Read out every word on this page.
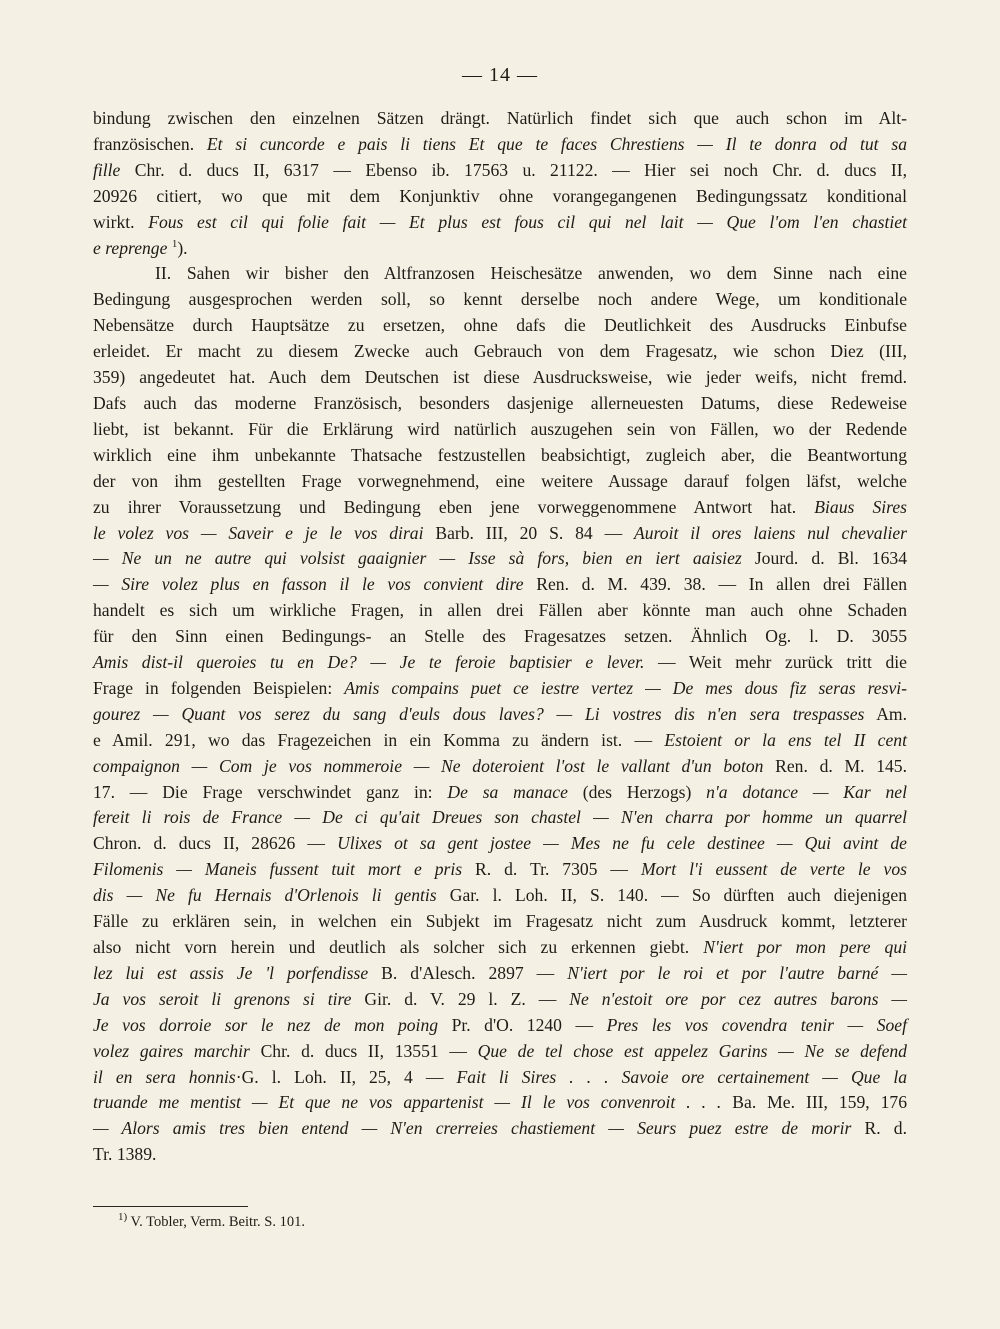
— 14 —
bindung zwischen den einzelnen Sätzen drängt. Natürlich findet sich que auch schon im Alt-
französischen. Et si cuncorde e pais li tiens Et que te faces Chrestiens — Il te donra od tut sa
fille Chr. d. ducs II, 6317 — Ebenso ib. 17563 u. 21122. — Hier sei noch Chr. d. ducs II,
20926 citiert, wo que mit dem Konjunktiv ohne vorangegangenen Bedingungssatz konditional
wirkt. Fous est cil qui folie fait — Et plus est fous cil qui nel lait — Que l'om l'en chastiet
e reprenge $^1$).
II. Sahen wir bisher den Altfranzosen Heischesätze anwenden, wo dem Sinne nach eine
Bedingung ausgesprochen werden soll, so kennt derselbe noch andere Wege, um konditionale
Nebensätze durch Hauptsätze zu ersetzen, ohne dafs die Deutlichkeit des Ausdrucks Einbufse
erleidet. Er macht zu diesem Zwecke auch Gebrauch von dem Fragesatz, wie schon Diez (III,
359) angedeutet hat. Auch dem Deutschen ist diese Ausdrucksweise, wie jeder weifs, nicht fremd.
Dafs auch das moderne Französisch, besonders dasjenige allerneuesten Datums, diese Redeweise
liebt, ist bekannt. Für die Erklärung wird natürlich auszugehen sein von Fällen, wo der Redende
wirklich eine ihm unbekannte Thatsache festzustellen beabsichtigt, zugleich aber, die Beantwortung
der von ihm gestellten Frage vorwegnehmend, eine weitere Aussage darauf folgen läfst, welche
zu ihrer Voraussetzung und Bedingung eben jene vorweggenommene Antwort hat. Biaus Sires
le volez vos — Saveir e je le vos dirai Barb. III, 20 S. 84 — Auroit il ores laiens nul chevalier
— Ne un ne autre qui volsist gaaignier — Isse sà fors, bien en iert aaisiez Jourd. d. Bl. 1634
— Sire volez plus en fasson il le vos convient dire Ren. d. M. 439. 38. — In allen drei Fällen
handelt es sich um wirkliche Fragen, in allen drei Fällen aber könnte man auch ohne Schaden
für den Sinn einen Bedingungs- an Stelle des Fragesatzes setzen. Ähnlich Og. l. D. 3055
Amis dist-il queroies tu en De? — Je te feroie baptisier e lever. — Weit mehr zurück tritt die
Frage in folgenden Beispielen: Amis compains puet ce iestre vertez — De mes dous fiz seras resvi-
gourez — Quant vos serez du sang d'euls dous laves? — Li vostres dis n'en sera trespasses Am.
e Amil. 291, wo das Fragezeichen in ein Komma zu ändern ist. — Estoient or la ens tel II cent
compaignon — Com je vos nommeroie — Ne doteroient l'ost le vallant d'un boton Ren. d. M. 145.
17. — Die Frage verschwindet ganz in: De sa manace (des Herzogs) n'a dotance — Kar nel
fereit li rois de France — De ci qu'ait Dreues son chastel — N'en charra por homme un quarrel
Chron. d. ducs II, 28626 — Ulixes ot sa gent jostee — Mes ne fu cele destinee — Qui avint de
Filomenis — Maneis fussent tuit mort e pris R. d. Tr. 7305 — Mort l'i eussent de verte le vos
dis — Ne fu Hernais d'Orlenois li gentis Gar. l. Loh. II, S. 140. — So dürften auch diejenigen
Fälle zu erklären sein, in welchen ein Subjekt im Fragesatz nicht zum Ausdruck kommt, letzterer
also nicht vorn herein und deutlich als solcher sich zu erkennen giebt. N'iert por mon pere qui
lez lui est assis Je 'l porfendisse B. d'Alesch. 2897 — N'iert por le roi et por l'autre barné —
Ja vos seroit li grenons si tire Gir. d. V. 29 l. Z. — Ne n'estoit ore por cez autres barons —
Je vos dorroie sor le nez de mon poing Pr. d'O. 1240 — Pres les vos covendra tenir — Soef
volez gaires marchir Chr. d. ducs II, 13551 — Que de tel chose est appelez Garins — Ne se defend
il en sera honnis·G. l. Loh. II, 25, 4 — Fait li Sires . . . Savoie ore certainement — Que la
truande me mentist — Et que ne vos appartenist — Il le vos convenroit . . . Ba. Me. III, 159, 176
— Alors amis tres bien entend — N'en crerreies chastiement — Seurs puez estre de morir R. d.
Tr. 1389.
$^{1)}$ V. Tobler, Verm. Beitr. S. 101.
